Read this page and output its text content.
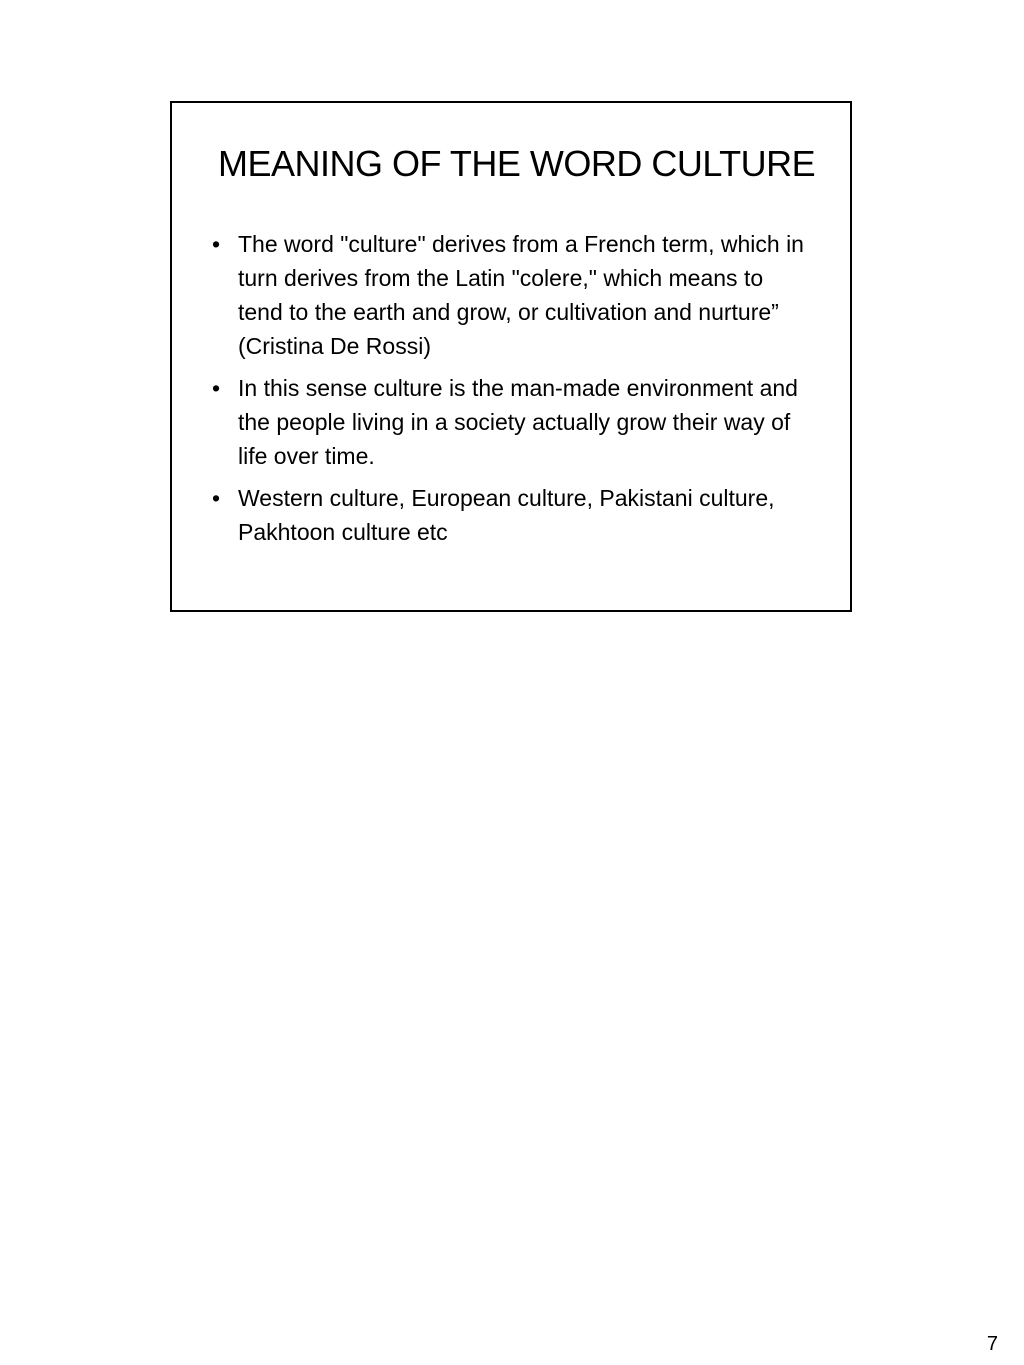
MEANING OF THE WORD CULTURE
• The word "culture" derives from a French term, which in turn derives from the Latin "colere," which means to tend to the earth and grow, or cultivation and nurture” (Cristina De Rossi)
• In this sense culture is the man-made environment and the people living in a society actually grow their way of life over time.
• Western culture, European culture, Pakistani culture, Pakhtoon culture etc
7
